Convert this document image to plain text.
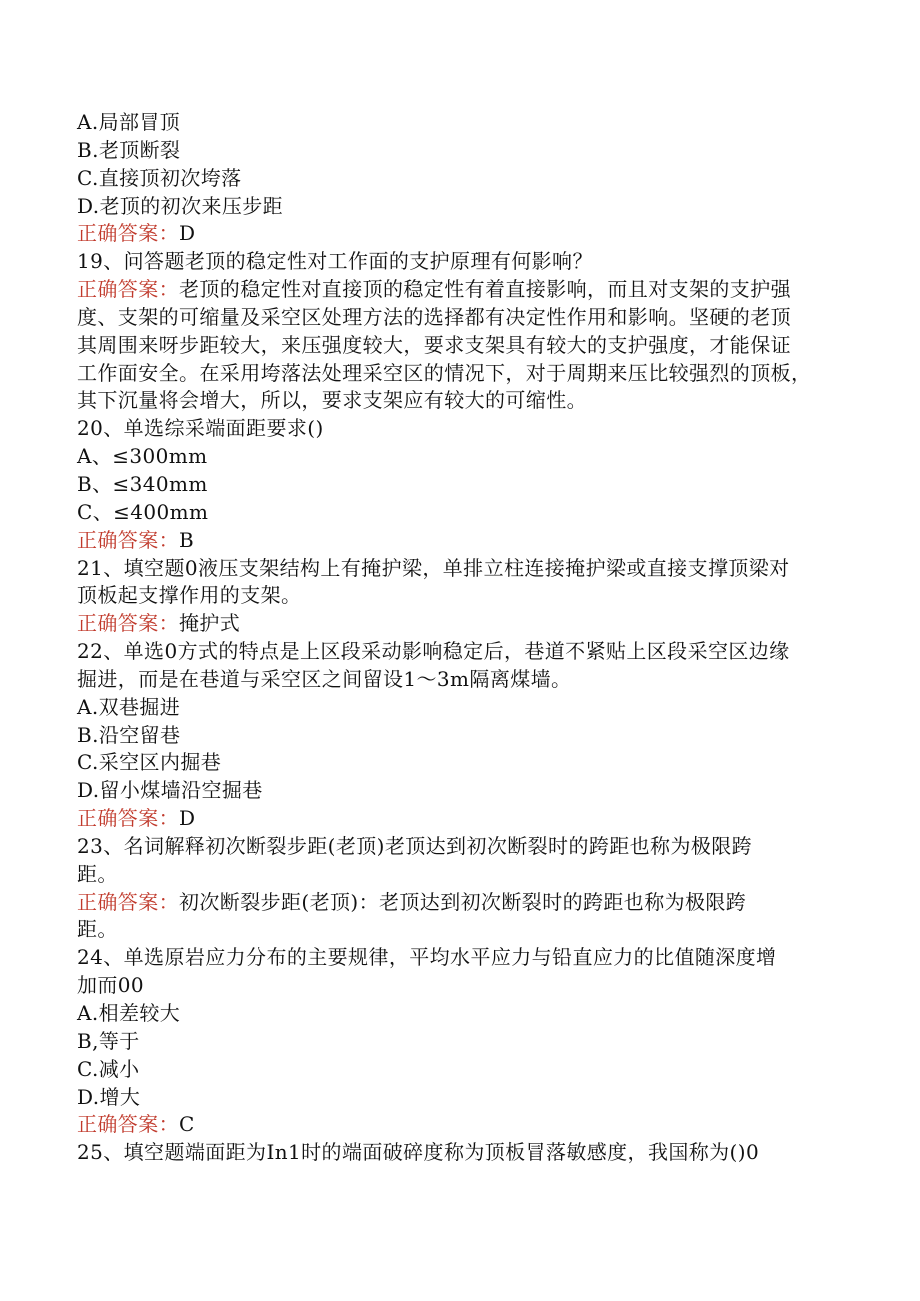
A.局部冒顶
B.老顶断裂
C.直接顶初次垮落
D.老顶的初次来压步距
正确答案：D
19、问答题老顶的稳定性对工作面的支护原理有何影响？
正确答案：老顶的稳定性对直接顶的稳定性有着直接影响，而且对支架的支护强
度、支架的可缩量及采空区处理方法的选择都有决定性作用和影响。坚硬的老顶
其周围来呀步距较大，来压强度较大，要求支架具有较大的支护强度，才能保证
工作面安全。在采用垮落法处理采空区的情况下，对于周期来压比较强烈的顶板，
其下沉量将会增大，所以，要求支架应有较大的可缩性。
20、单选综采端面距要求()
A、≤300mm
B、≤340mm
C、≤400mm
正确答案：B
21、填空题0液压支架结构上有掩护梁，单排立柱连接掩护梁或直接支撑顶梁对
顶板起支撑作用的支架。
正确答案：掩护式
22、单选0方式的特点是上区段采动影响稳定后，巷道不紧贴上区段采空区边缘
掘进，而是在巷道与采空区之间留设1～3m隔离煤墙。
A.双巷掘进
B.沿空留巷
C.采空区内掘巷
D.留小煤墙沿空掘巷
正确答案：D
23、名词解释初次断裂步距(老顶)老顶达到初次断裂时的跨距也称为极限跨
距。
正确答案：初次断裂步距(老顶)：老顶达到初次断裂时的跨距也称为极限跨
距。
24、单选原岩应力分布的主要规律，平均水平应力与铅直应力的比值随深度增
加而00
A.相差较大
B,等于
C.减小
D.增大
正确答案：C
25、填空题端面距为In1时的端面破碎度称为顶板冒落敏感度，我国称为()0
